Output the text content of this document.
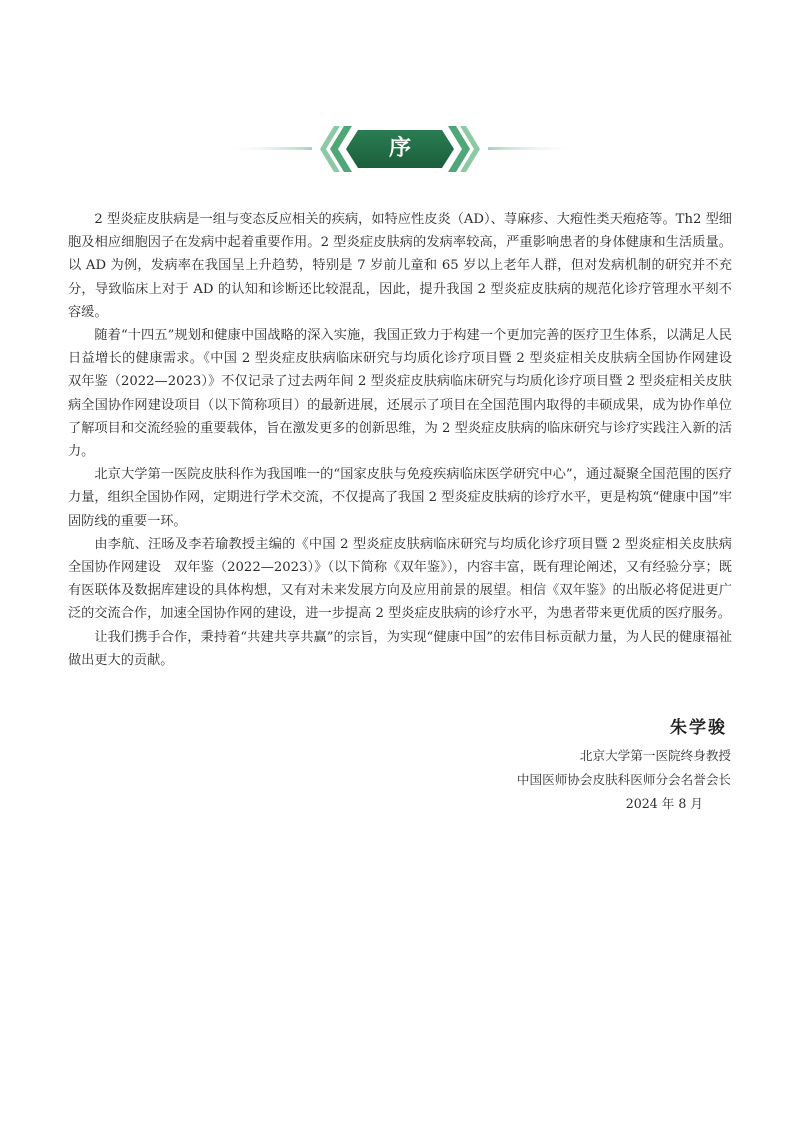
序 言

2 型炎症皮肤病是一组与变态反应相关的疾病，如特应性皮炎（AD）、荨麻疹、大疱性类天疱疮等。Th2 型细胞及相应细胞因子在发病中起着重要作用。2 型炎症皮肤病的发病率较高，严重影响患者的身体健康和生活质量。以 AD 为例，发病率在我国呈上升趋势，特别是 7 岁前儿童和 65 岁以上老年人群，但对发病机制的研究并不充分，导致临床上对于 AD 的认知和诊断还比较混乱，因此，提升我国 2 型炎症皮肤病的规范化诊疗管理水平刻不容缓。

随着“十四五”规划和健康中国战略的深入实施，我国正致力于构建一个更加完善的医疗卫生体系，以满足人民日益增长的健康需求。《中国 2 型炎症皮肤病临床研究与均质化诊疗项目暨 2 型炎症相关皮肤病全国协作网建设　双年鉴（2022—2023）》不仅记录了过去两年间 2 型炎症皮肤病临床研究与均质化诊疗项目暨 2 型炎症相关皮肤病全国协作网建设项目（以下简称项目）的最新进展，还展示了项目在全国范围内取得的丰硕成果，成为协作单位了解项目和交流经验的重要载体，旨在激发更多的创新思维，为 2 型炎症皮肤病的临床研究与诊疗实践注入新的活力。

北京大学第一医院皮肤科作为我国唯一的“国家皮肤与免疫疾病临床医学研究中心”，通过凝聚全国范围的医疗力量，组织全国协作网，定期进行学术交流，不仅提高了我国 2 型炎症皮肤病的诊疗水平，更是构筑“健康中国”牢固防线的重要一环。

由李航、汪旸及李若瑜教授主编的《中国 2 型炎症皮肤病临床研究与均质化诊疗项目暨 2 型炎症相关皮肤病全国协作网建设　双年鉴（2022—2023）》（以下简称《双年鉴》），内容丰富，既有理论阐述，又有经验分享；既有医联体及数据库建设的具体构想，又有对未来发展方向及应用前景的展望。相信《双年鉴》的出版必将促进更广泛的交流合作，加速全国协作网的建设，进一步提高 2 型炎症皮肤病的诊疗水平，为患者带来更优质的医疗服务。

让我们携手合作，秉持着“共建共享共赢”的宗旨，为实现“健康中国”的宏伟目标贡献力量，为人民的健康福祉做出更大的贡献。

朱学骏
北京大学第一医院终身教授
中国医师协会皮肤科医师分会名誉会长
2024 年 8 月
